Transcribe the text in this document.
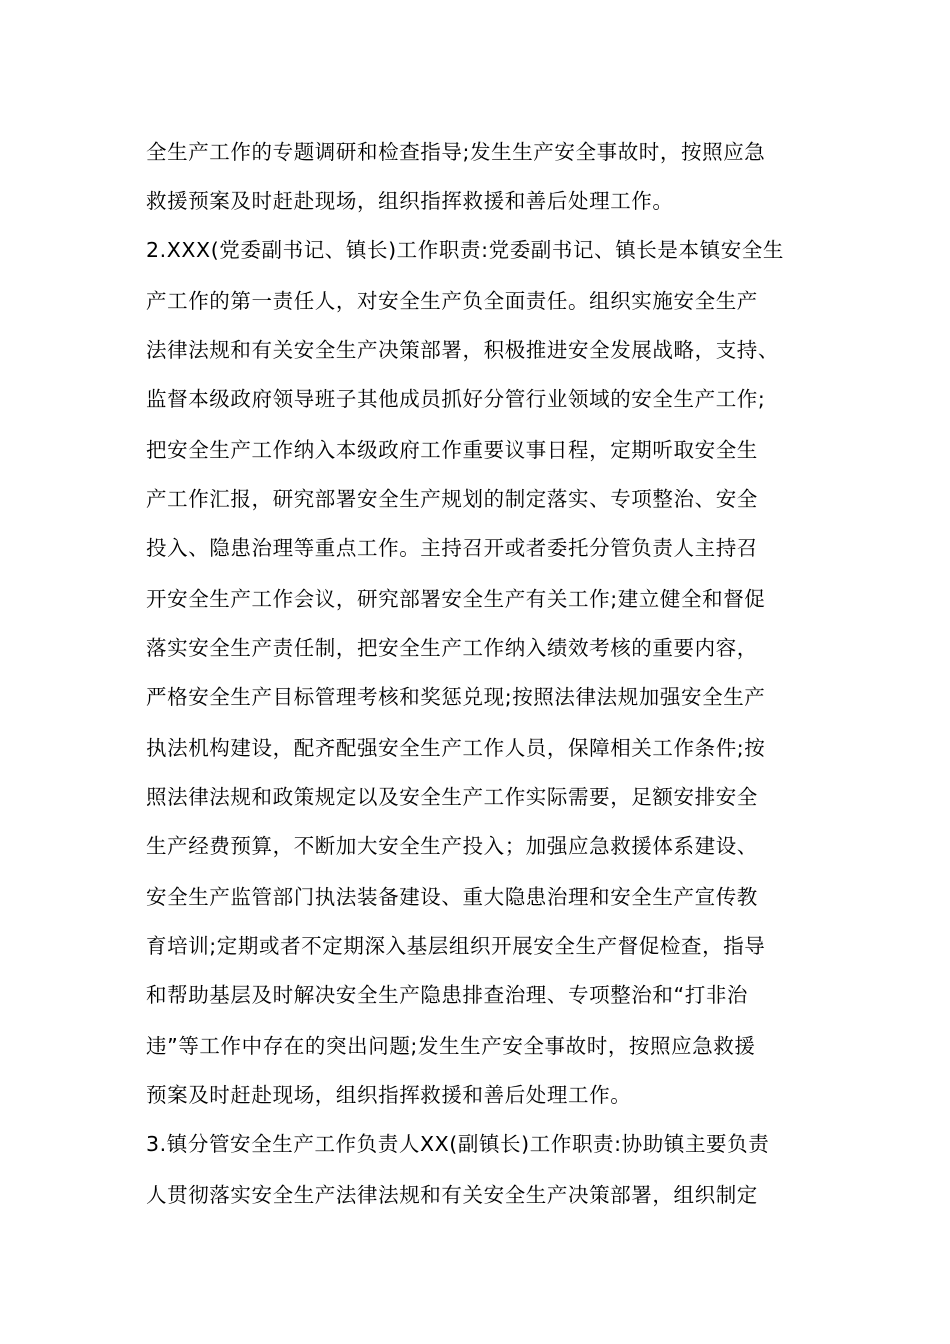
全生产工作的专题调研和检查指导;发生生产安全事故时，按照应急
救援预案及时赶赴现场，组织指挥救援和善后处理工作。
2.XXX(党委副书记、镇长)工作职责:党委副书记、镇长是本镇安全生
产工作的第一责任人，对安全生产负全面责任。组织实施安全生产
法律法规和有关安全生产决策部署，积极推进安全发展战略，支持、
监督本级政府领导班子其他成员抓好分管行业领域的安全生产工作;
把安全生产工作纳入本级政府工作重要议事日程，定期听取安全生
产工作汇报，研究部署安全生产规划的制定落实、专项整治、安全
投入、隐患治理等重点工作。主持召开或者委托分管负责人主持召
开安全生产工作会议，研究部署安全生产有关工作;建立健全和督促
落实安全生产责任制，把安全生产工作纳入绩效考核的重要内容，
严格安全生产目标管理考核和奖惩兑现;按照法律法规加强安全生产
执法机构建设，配齐配强安全生产工作人员，保障相关工作条件;按
照法律法规和政策规定以及安全生产工作实际需要，足额安排安全
生产经费预算，不断加大安全生产投入；加强应急救援体系建设、
安全生产监管部门执法装备建设、重大隐患治理和安全生产宣传教
育培训;定期或者不定期深入基层组织开展安全生产督促检查，指导
和帮助基层及时解决安全生产隐患排查治理、专项整治和“打非治
违”等工作中存在的突出问题;发生生产安全事故时，按照应急救援
预案及时赶赴现场，组织指挥救援和善后处理工作。
3.镇分管安全生产工作负责人XX(副镇长)工作职责:协助镇主要负责
人贯彻落实安全生产法律法规和有关安全生产决策部署，组织制定
